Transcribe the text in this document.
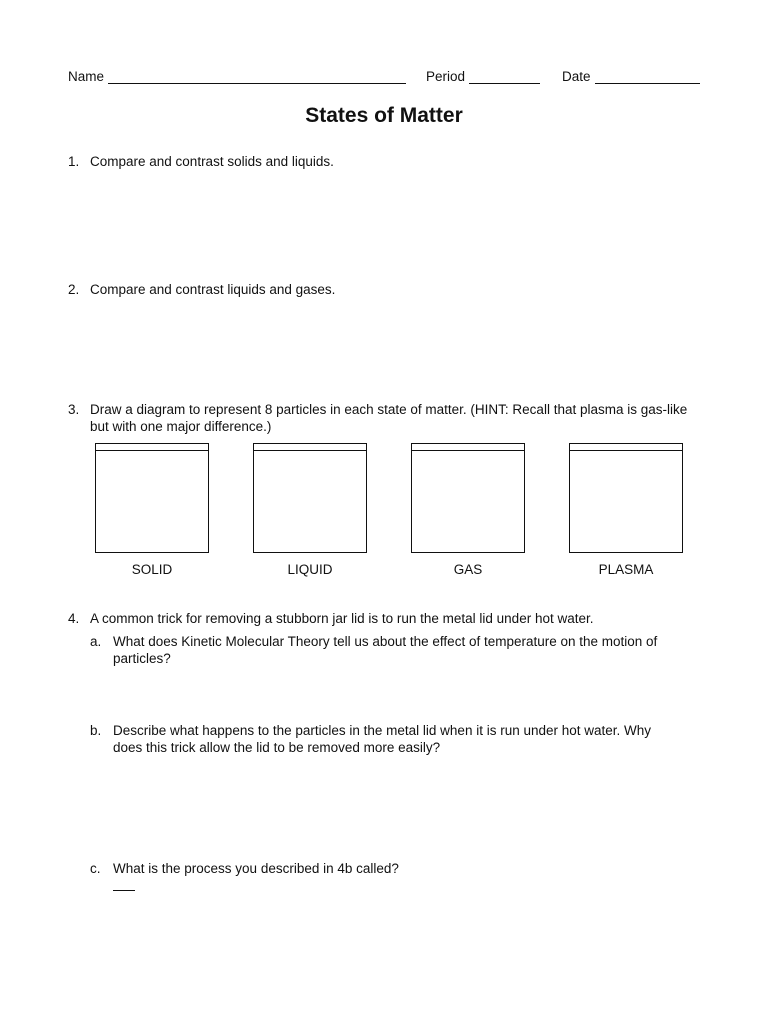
Name	Period	Date
States of Matter
1. Compare and contrast solids and liquids.
2. Compare and contrast liquids and gases.
3. Draw a diagram to represent 8 particles in each state of matter. (HINT: Recall that plasma is gas-like but with one major difference.)
SOLID	LIQUID	GAS	PLASMA
4. A common trick for removing a stubborn jar lid is to run the metal lid under hot water.
a. What does Kinetic Molecular Theory tell us about the effect of temperature on the motion of particles?
b. Describe what happens to the particles in the metal lid when it is run under hot water. Why does this trick allow the lid to be removed more easily?
c. What is the process you described in 4b called?
